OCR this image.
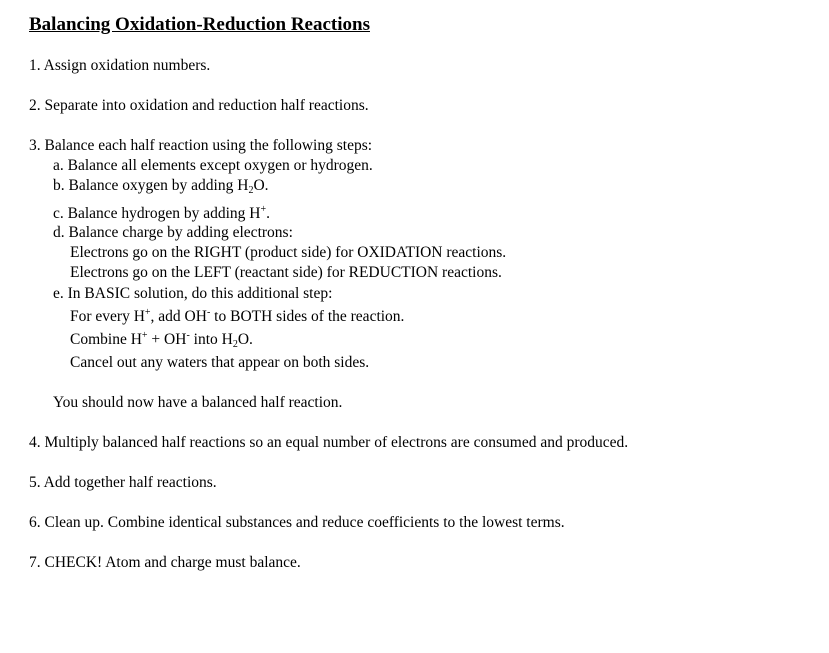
Balancing Oxidation-Reduction Reactions
1. Assign oxidation numbers.
2. Separate into oxidation and reduction half reactions.
3. Balance each half reaction using the following steps:
a. Balance all elements except oxygen or hydrogen.
b. Balance oxygen by adding $H_2O$.
c. Balance hydrogen by adding H+.
d. Balance charge by adding electrons:
Electrons go on the RIGHT (product side) for OXIDATION reactions.
Electrons go on the LEFT (reactant side) for REDUCTION reactions.
e. In BASIC solution, do this additional step:
For every H+, add OH- to BOTH sides of the reaction.
Combine H+ + OH- into $H_2O$.
Cancel out any waters that appear on both sides.
You should now have a balanced half reaction.
4. Multiply balanced half reactions so an equal number of electrons are consumed and produced.
5. Add together half reactions.
6. Clean up. Combine identical substances and reduce coefficients to the lowest terms.
7. CHECK! Atom and charge must balance.
